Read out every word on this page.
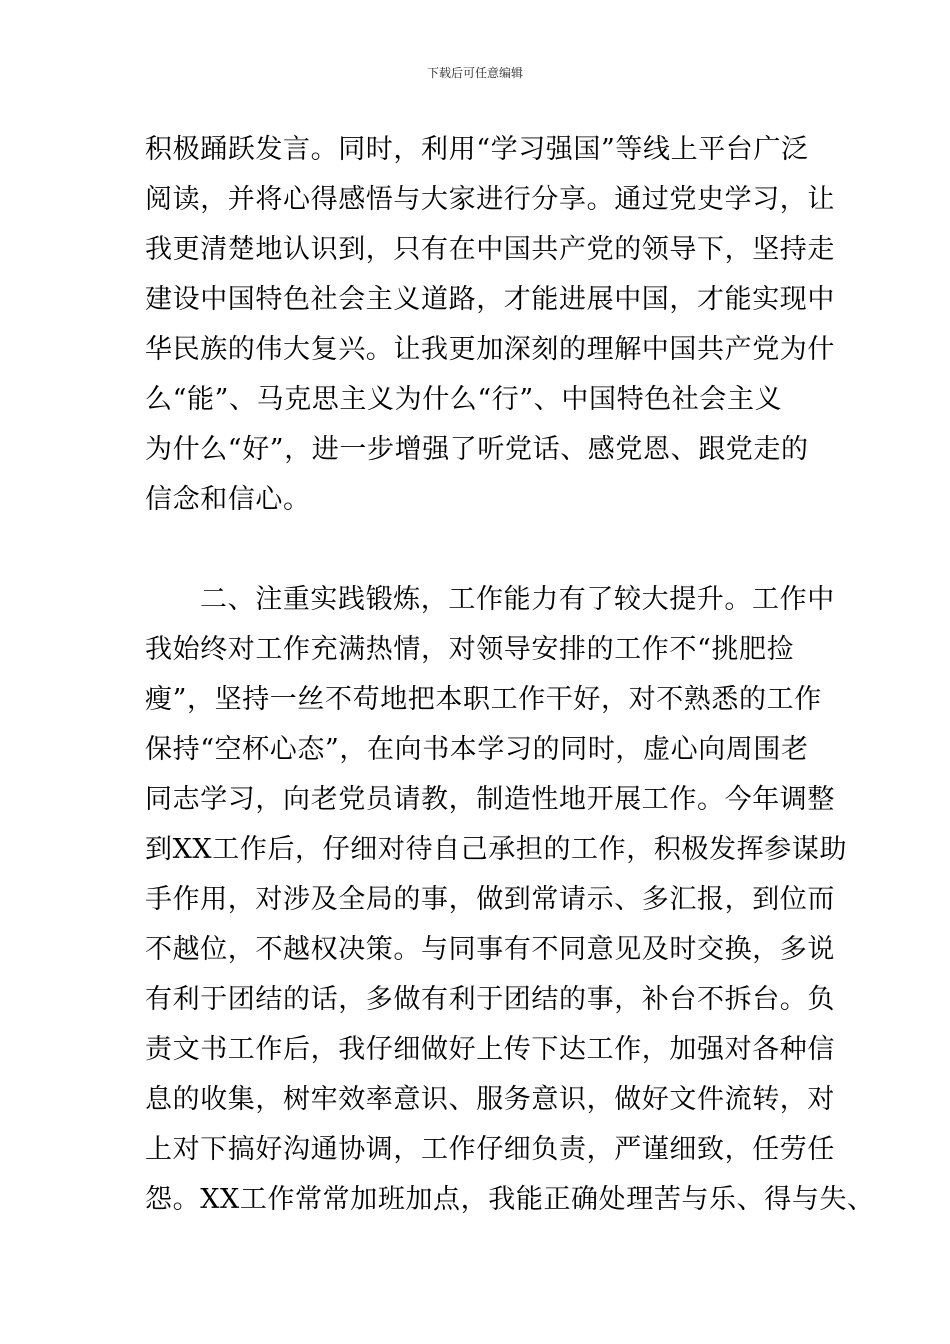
下载后可任意编辑
积极踊跃发言。同时，利用“学习强国”等线上平台广泛
阅读，并将心得感悟与大家进行分享。通过党史学习，让
我更清楚地认识到，只有在中国共产党的领导下，坚持走
建设中国特色社会主义道路，才能进展中国，才能实现中
华民族的伟大复兴。让我更加深刻的理解中国共产党为什
么“能”、马克思主义为什么“行”、中国特色社会主义
为什么“好”，进一步增强了听党话、感党恩、跟党走的
信念和信心。
二、注重实践锻炼，工作能力有了较大提升。工作中
我始终对工作充满热情，对领导安排的工作不“挑肥捡
瘦”，坚持一丝不苟地把本职工作干好，对不熟悉的工作
保持“空杯心态”，在向书本学习的同时，虚心向周围老
同志学习，向老党员请教，制造性地开展工作。今年调整
到XX工作后，仔细对待自己承担的工作，积极发挥参谋助
手作用，对涉及全局的事，做到常请示、多汇报，到位而
不越位，不越权决策。与同事有不同意见及时交换，多说
有利于团结的话，多做有利于团结的事，补台不拆台。负
责文书工作后，我仔细做好上传下达工作，加强对各种信
息的收集，树牢效率意识、服务意识，做好文件流转，对
上对下搞好沟通协调，工作仔细负责，严谨细致，任劳任
怨。XX工作常常加班加点，我能正确处理苦与乐、得与失、
